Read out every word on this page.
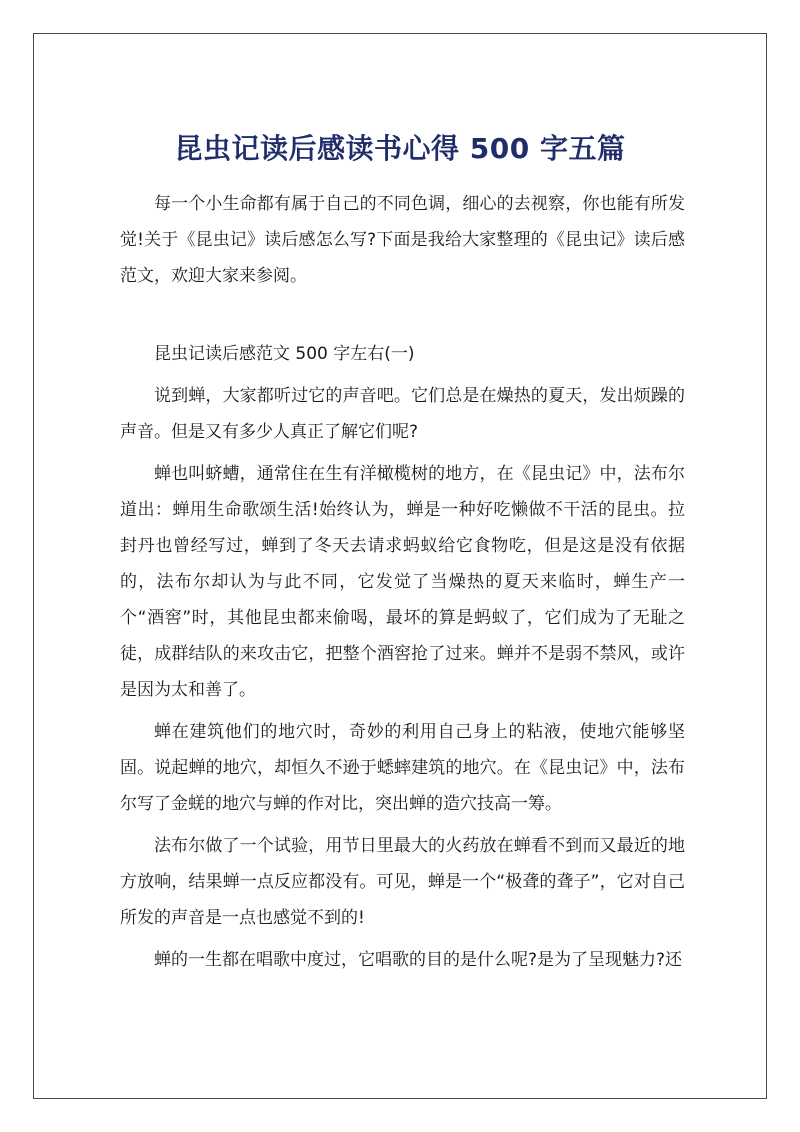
昆虫记读后感读书心得 500 字五篇

每一个小生命都有属于自己的不同色调，细心的去视察，你也能有所发觉!关于《昆虫记》读后感怎么写?下面是我给大家整理的《昆虫记》读后感范文，欢迎大家来参阅。

昆虫记读后感范文 500 字左右(一)

说到蝉，大家都听过它的声音吧。它们总是在燥热的夏天，发出烦躁的声音。但是又有多少人真正了解它们呢?

蝉也叫蛴螬，通常住在生有洋橄榄树的地方，在《昆虫记》中，法布尔道出：蝉用生命歌颂生活!始终认为，蝉是一种好吃懒做不干活的昆虫。拉封丹也曾经写过，蝉到了冬天去请求蚂蚁给它食物吃，但是这是没有依据的，法布尔却认为与此不同，它发觉了当燥热的夏天来临时，蝉生产一个“酒窖”时，其他昆虫都来偷喝，最坏的算是蚂蚁了，它们成为了无耻之徒，成群结队的来攻击它，把整个酒窖抢了过来。蝉并不是弱不禁风，或许是因为太和善了。

蝉在建筑他们的地穴时，奇妙的利用自己身上的粘液，使地穴能够坚固。说起蝉的地穴，却恒久不逊于蟋蟀建筑的地穴。在《昆虫记》中，法布尔写了金蜣的地穴与蝉的作对比，突出蝉的造穴技高一筹。

法布尔做了一个试验，用节日里最大的火药放在蝉看不到而又最近的地方放响，结果蝉一点反应都没有。可见，蝉是一个“极聋的聋子”，它对自己所发的声音是一点也感觉不到的!

蝉的一生都在唱歌中度过，它唱歌的目的是什么呢?是为了呈现魅力?还
